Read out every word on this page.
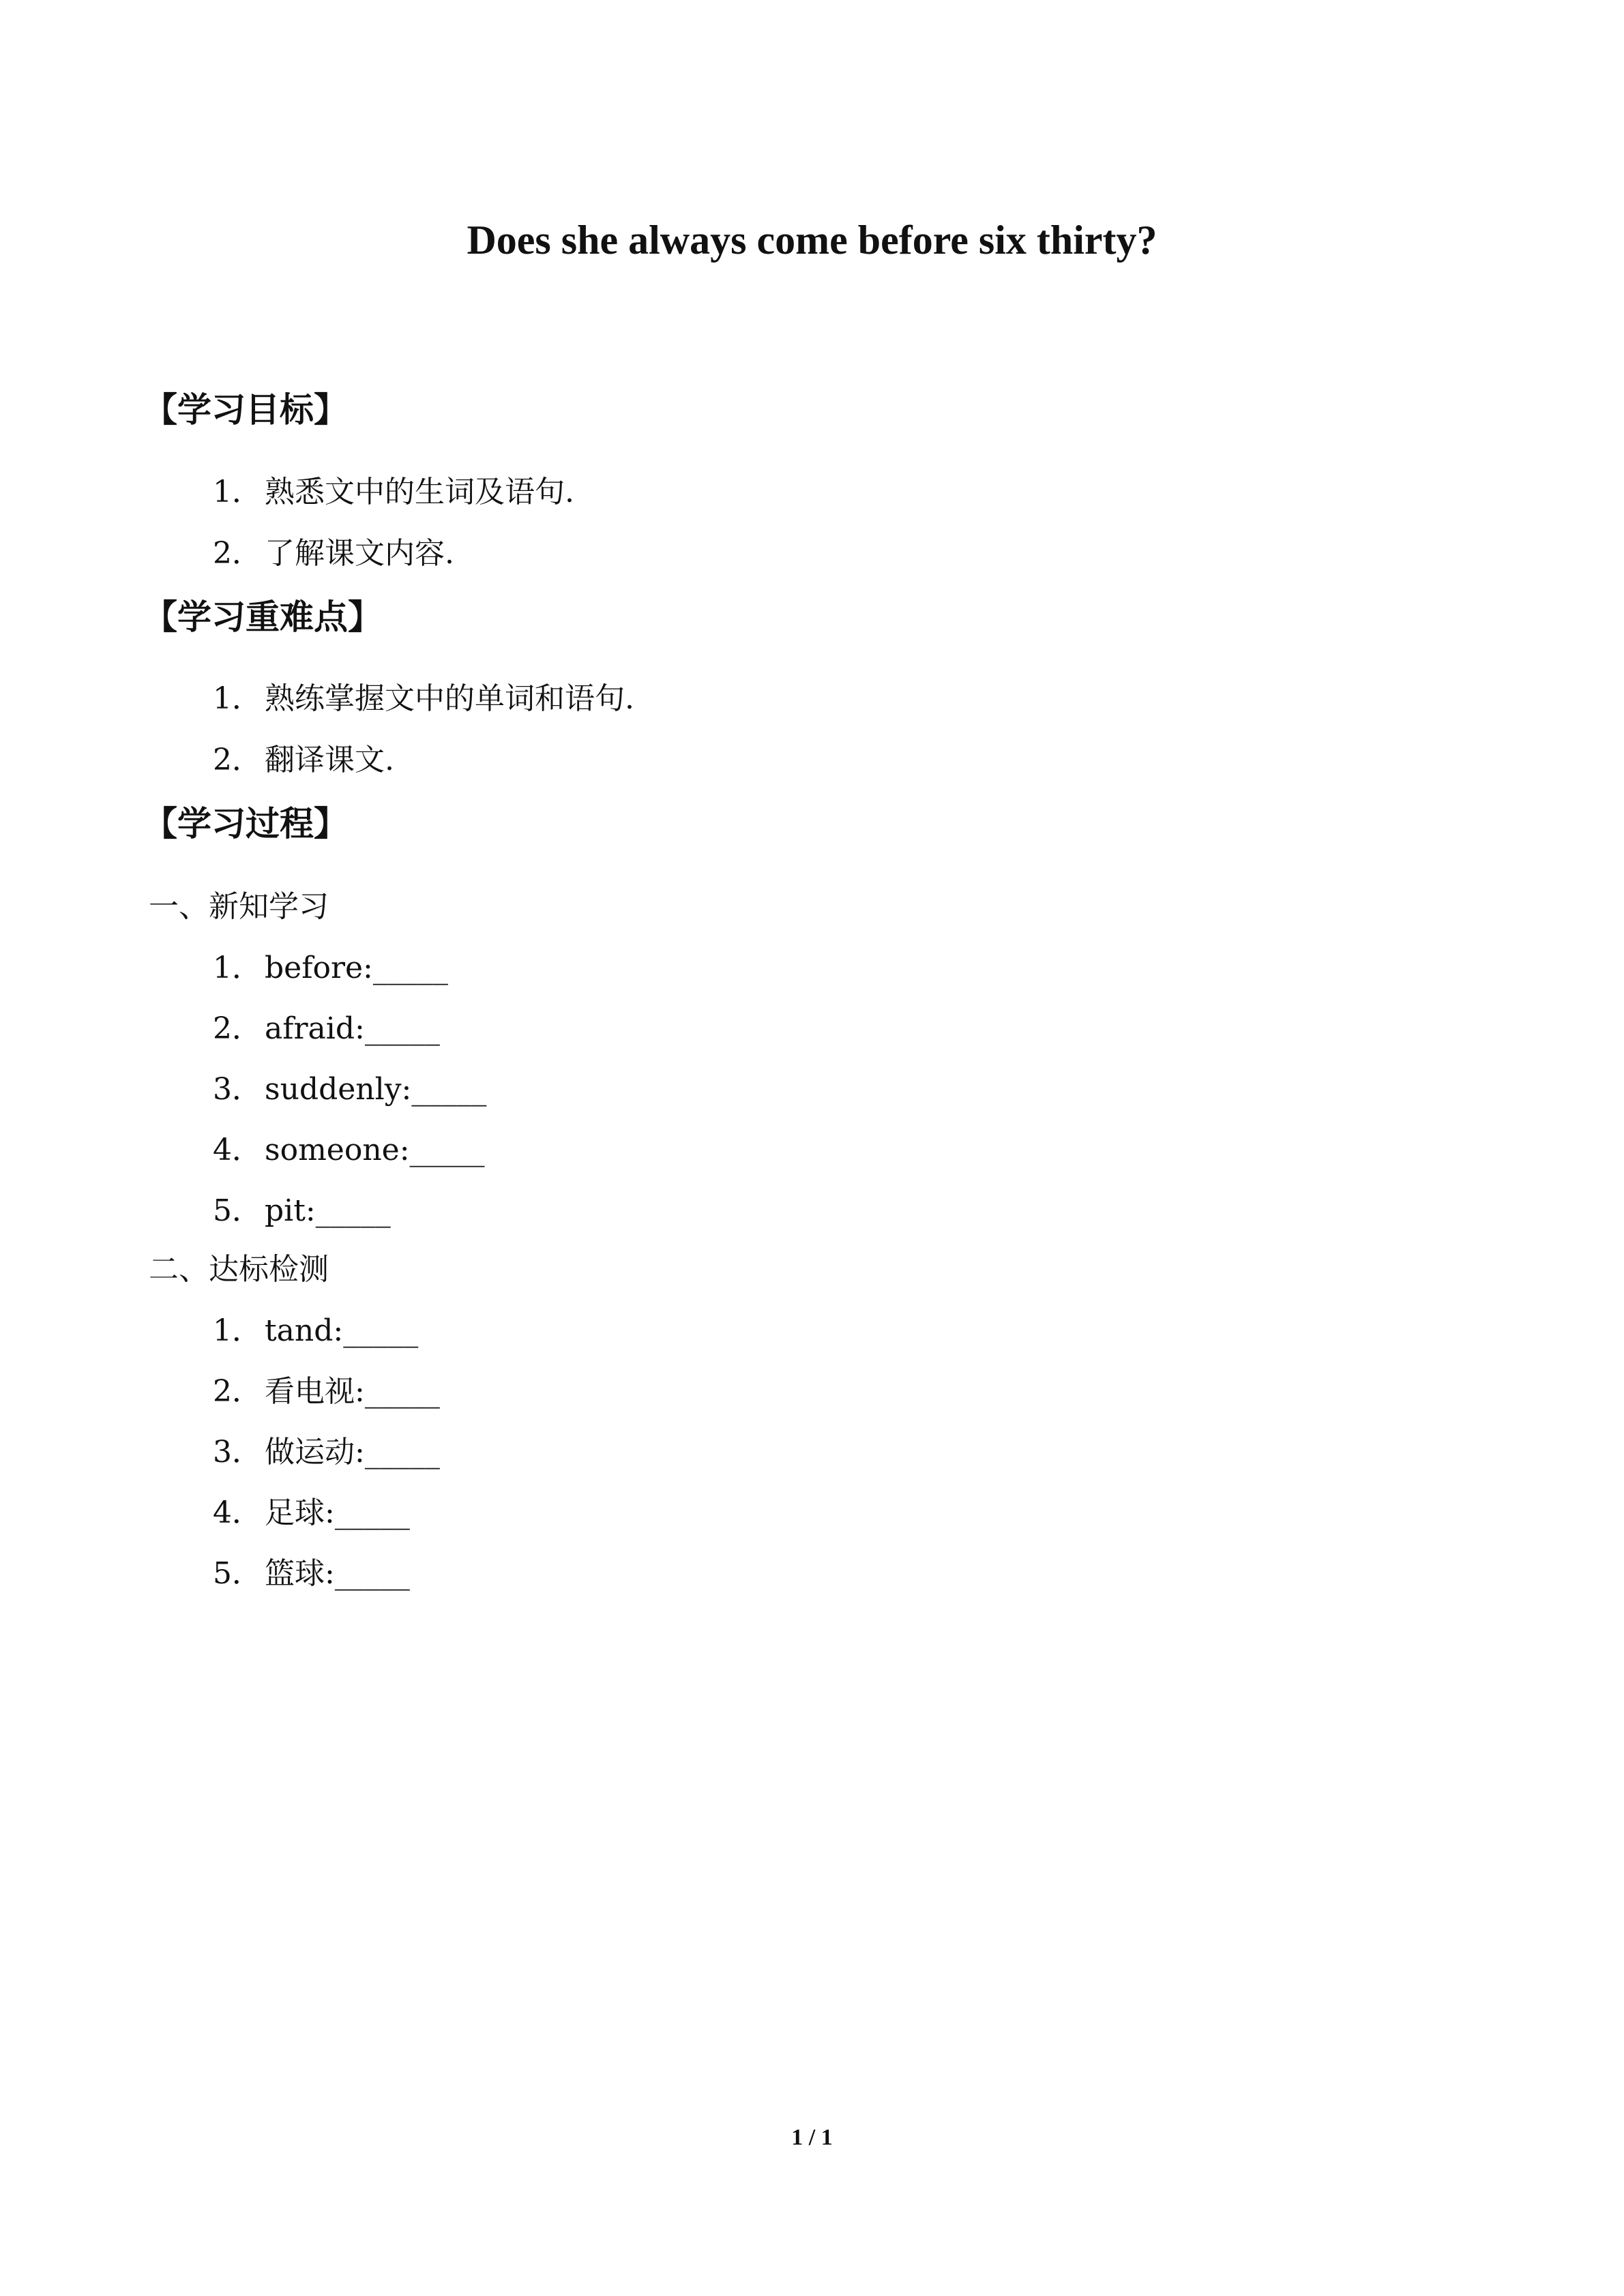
Does she always come before six thirty?
【学习目标】
1．熟悉文中的生词及语句.
2．了解课文内容.
【学习重难点】
1．熟练掌握文中的单词和语句.
2．翻译课文.
【学习过程】
一、新知学习
1．before:_____
2．afraid:_____
3．suddenly:_____
4．someone:_____
5．pit:_____
二、达标检测
1．tand:_____
2．看电视:_____
3．做运动:_____
4．足球:_____
5．篮球:_____
1 / 1
